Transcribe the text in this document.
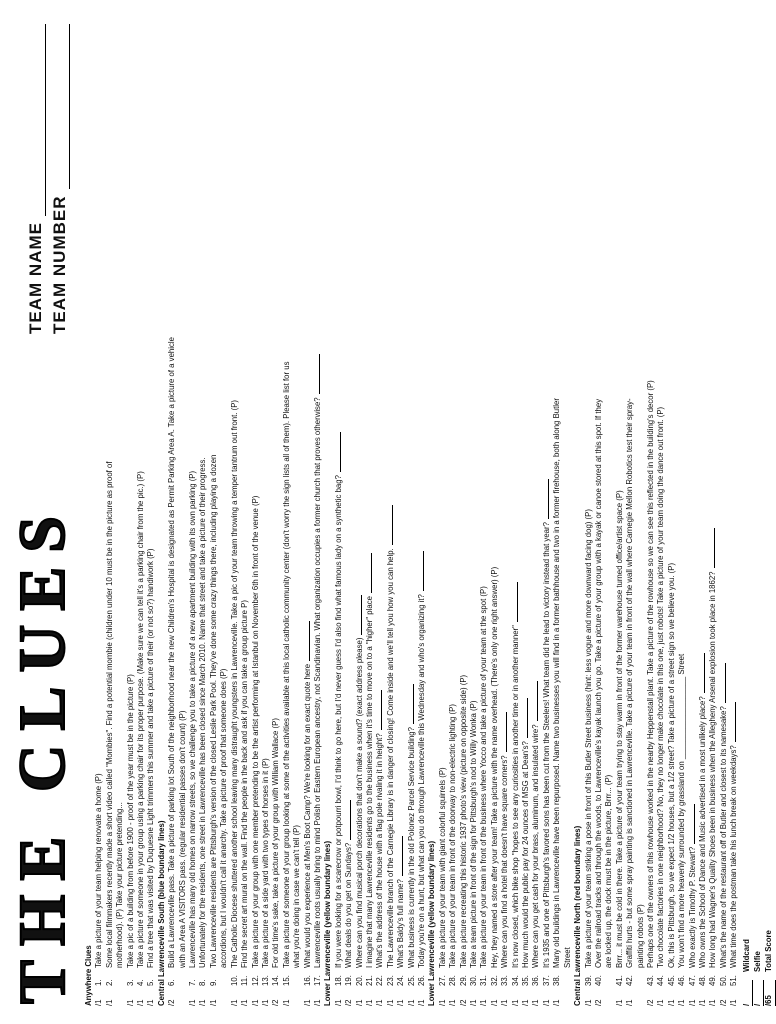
THE CLUES
TEAM NAME TEAM NUMBER
Anywhere Clues /1
1.
Take a picture of your team helping renovate a home (P)
/1
2.
Some local filmmakers recently made a short video called "Mombies". Find a potential mombie (children under 10 must be in the picture as proof of motherhood). (P) Take your picture pretending...
/1
3.
Take a pic of a building from before 1900 - proof of the year must be in the picture (P)
/1
4.
Take a picture of someone in your group using a parking chair for its proper purpose. (Make sure we can tell it's a parking chair from the pic.) (P)
/1
5.
Find a tree that was visited by Duquesne Light trimmers this summer and take a picture of their (or not so?) handiwork (P) Central Lawrenceville South (blue boundary lines) /2
6.
Build a Lawrenceville pass. Take a picture of parking lot South of the neighborhood near the new Children's Hospital is designated as Permit Parking Area A. Take a picture of a vehicle with an Area A VISITORS pass. (regular residential passes don't count) (P)
/1
7.
Lawrenceville has many old homes on narrow streets, so we challenge you to take a picture of a new apartment building with its own parking (P)
/1
8.
Unfortunately for the residents, one street in Lawrenceville has been closed since March 2010. Name that street and take a picture of their progress.
/1
9.
Two Lawrenceville residents are Pittsburgh's version of the closed Leslie Park Pool. They've done some crazy things there, including playing a dozen accordions, but I wouldn't call it anarchy. Take a picture of proof that someone does (P)
/1
10.
The Catholic Diocese shuttered another school leaving many distraught youngsters in Lawrenceville. Take a pic of your team throwing a temper tantrum out front. (P)
/1
11.
Find the secret art mural on the wall. Find the people in the back and ask if you can take a group picture P)
/1
12.
Take a picture of your group with one member pretending to be the artist performing at Istanbul on November 6th in front of the venue (P)
/1
13.
Take a picture of a side yard with two types of horses in it (P)
/2
14.
For old time's sake, take a picture of your group with William Wallace (P)
/1
15.
Take a picture of someone of your group looking at some of the activities available at this local catholic community center (don't worry the sign lists all of them). Please list for us what you're doing in case we can't tell (P)
/1
16.
What would you experience at Men's Boot Camp? We're looking for an exact quote here
/1
17.
Lawrenceville roots usually bring to mind Polish or Eastern European ancestry, not Scandinavian. What organization occupies a former church that proves otherwise? Lower Lawrenceville (yellow boundary lines) /1
18.
If you were looking for a scarecrow or potpourri bowl, I'd think to go here, but I'd never guess I'd also find what famous lady on a synthetic bag?
/2
19.
What deals do you get on Sundays?
/1
20.
Where can you find musical porch decorations that don't make a sound? (exact address please)
/1
21.
I imagine that many Lawrenceville residents go to the business when it's time to move on to a "higher" place
/1
22.
What's the address of the house with a flag pole rivaling it in height?
/1
23.
The Lawrenceville branch of the Carnegie Library is in danger of closing! Come inside and we'll tell you how you can help.
/1
24.
What's Baldy's full name?
/1
25.
What business is currently in the old Polonez Parcel Service building?
/1
26.
Today you're on a hunt, but what can you do through Lawrenceville this Wednesday and who's organizing it? Lower Lawrenceville (yellow boundary lines) /1
27.
Take a picture of your team with giant colorful squirrels (P)
/1
28.
Take a picture of your team in front of the doorway to non-electric lighting (P)
/2
29.
Take a picture recreating this historic 1937 photo's view (picture on opposite side) (P)
/1
30.
Take a team picture in front of the sign for Pittsburgh's nod to Willy Wonka (P)
/1
31.
Take a picture of your team in front of the business where Yocco and take a picture of your team at the spot (P)
/1
32.
Hey, they named a store after your team! Take a picture with the name overhead. (There's only one right answer) (P)
/1
33.
Where can you find a hotel that doesn't have square corners?
/1
34.
It's now closed, which bike shop "hopes to see any curiosities in another time or in another manner"
/1
35.
How much would the public pay for 24 ounces of MSG at Dean's?
/1
36.
Where can you get cash for your brass, aluminum, and insulated wire?
/1
37.
It's 1935 and one of Pittsburgh's favored sons has been cut from the Steelers! What team did he lead to victory instead that year?
/1
38.
Many old buildings in Lawrenceville have been repurposed. Name two businesses you will find in a former bathhouse and two in a former firehouse, both along Butler Street Central Lawrenceville North (red boundary lines) /1
39.
Take a picture of your team striking a pose in front of this Butler Street business (hint: less vogue and more downward facing dog) (P)
/2
40.
Over the railroad tracks and through the woods, to Lawrenceville's kayak launch you go. Take a picture of your group with a kayak or canoe stored at this spot. If they are locked up, the dock must be in the picture, Brrr... (P)
/1
41.
Brrr... it must be cold in there. Take a picture of your team trying to stay warm in front of the former warehouse turned office/artist space (P)
/1
42.
Graffiti hurts - but some spray painting is sanctioned in Lawrenceville. Take a picture of your team in front of the wall where Carnegie Mellon Robotics test their spray- painting robots (P)
/2
43.
Perhaps one of the owners of this rowhouse worked in the nearby Heppenstall plant. Take a picture of the rowhouse so we can see this reflected in the building's decor (P)
/1
44.
Two chocolate factories in one neighborhood? No, they no longer make chocolate in this one, just robots! Take a picture of your team doing the dance out front. (P)
/1
45.
Ok, this is Pittsburgh, so we expect 1/2 houses, but a 1/2 street? Take a picture of a street sign so we believe you. (P)
/1
46.
You won't find a more heavenly surrounded by grassland on ___________________ Street
/1
47.
Who exactly is Timothy P. Stewart?
/1
48.
Who owns the School of Dance and Music advertised in a most unlikely place?
/1
49.
How long had Wagner's Quality Shoes been in business when the Allegheny Arsenal explosion took place in 1862?
/2
50.
What's the name of the restaurant off of Butler and closest to its namesake?
/1
51.
What time does the postman take his lunch break on weekdays?
/
Wildcard
/
Selfie
/65
Total Score
